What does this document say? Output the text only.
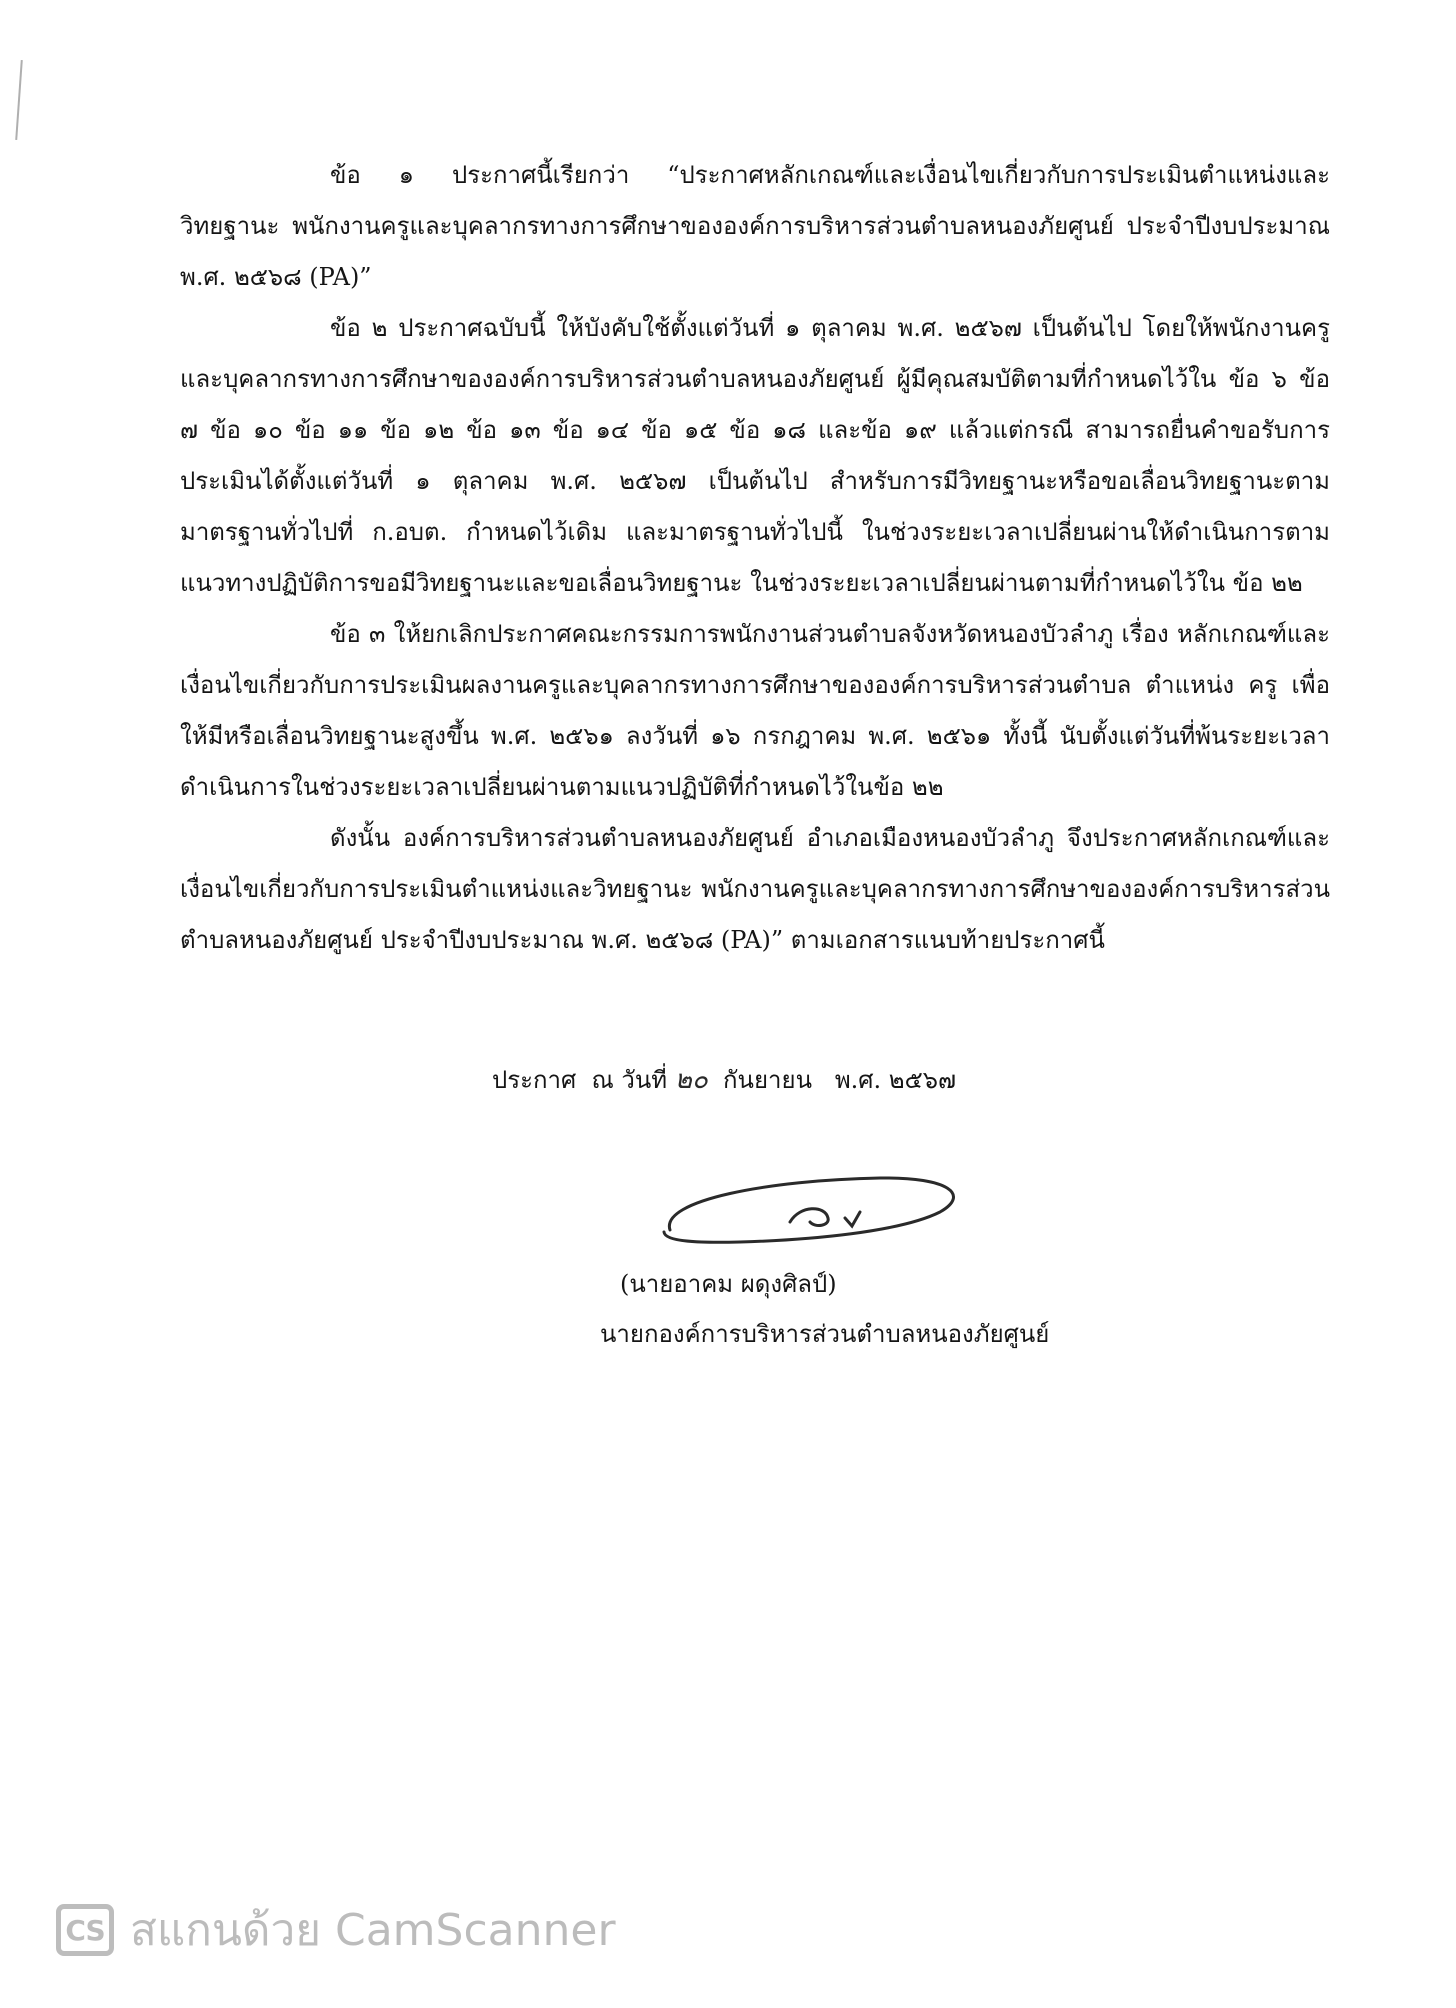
ข้อ ๑ ประกาศนี้เรียกว่า “ประกาศหลักเกณฑ์และเงื่อนไขเกี่ยวกับการประเมินตำแหน่งและวิทยฐานะ พนักงานครูและบุคลากรทางการศึกษาขององค์การบริหารส่วนตำบลหนองภัยศูนย์ ประจำปีงบประมาณ พ.ศ. ๒๕๖๘ (PA)”

ข้อ ๒ ประกาศฉบับนี้ ให้บังคับใช้ตั้งแต่วันที่ ๑ ตุลาคม พ.ศ. ๒๕๖๗ เป็นต้นไป โดยให้พนักงานครูและบุคลากรทางการศึกษาขององค์การบริหารส่วนตำบลหนองภัยศูนย์ ผู้มีคุณสมบัติตามที่กำหนดไว้ใน ข้อ ๖ ข้อ ๗ ข้อ ๑๐ ข้อ ๑๑ ข้อ ๑๒ ข้อ ๑๓ ข้อ ๑๔ ข้อ ๑๕ ข้อ ๑๘ และข้อ ๑๙ แล้วแต่กรณี สามารถยื่นคำขอรับการประเมินได้ตั้งแต่วันที่ ๑ ตุลาคม พ.ศ. ๒๕๖๗ เป็นต้นไป สำหรับการมีวิทยฐานะหรือขอเลื่อนวิทยฐานะตามมาตรฐานทั่วไปที่ ก.อบต. กำหนดไว้เดิม และมาตรฐานทั่วไปนี้ ในช่วงระยะเวลาเปลี่ยนผ่านให้ดำเนินการตามแนวทางปฏิบัติการขอมีวิทยฐานะและขอเลื่อนวิทยฐานะ ในช่วงระยะเวลาเปลี่ยนผ่านตามที่กำหนดไว้ใน ข้อ ๒๒

ข้อ ๓ ให้ยกเลิกประกาศคณะกรรมการพนักงานส่วนตำบลจังหวัดหนองบัวลำภู เรื่อง หลักเกณฑ์และเงื่อนไขเกี่ยวกับการประเมินผลงานครูและบุคลากรทางการศึกษาขององค์การบริหารส่วนตำบล ตำแหน่ง ครู เพื่อให้มีหรือเลื่อนวิทยฐานะสูงขึ้น พ.ศ. ๒๕๖๑ ลงวันที่ ๑๖ กรกฎาคม พ.ศ. ๒๕๖๑ ทั้งนี้ นับตั้งแต่วันที่พ้นระยะเวลาดำเนินการในช่วงระยะเวลาเปลี่ยนผ่านตามแนวปฏิบัติที่กำหนดไว้ในข้อ ๒๒

ดังนั้น องค์การบริหารส่วนตำบลหนองภัยศูนย์ อำเภอเมืองหนองบัวลำภู จึงประกาศหลักเกณฑ์และเงื่อนไขเกี่ยวกับการประเมินตำแหน่งและวิทยฐานะ พนักงานครูและบุคลากรทางการศึกษาขององค์การบริหารส่วนตำบลหนองภัยศูนย์ ประจำปีงบประมาณ พ.ศ. ๒๕๖๘ (PA)” ตามเอกสารแนบท้ายประกาศนี้

ประกาศ  ณ วันที่ ๒๐  กันยายน   พ.ศ. ๒๕๖๗
(นายอาคม ผดุงศิลป์)
นายกองค์การบริหารส่วนตำบลหนองภัยศูนย์
CS สแกนด้วย CamScanner
